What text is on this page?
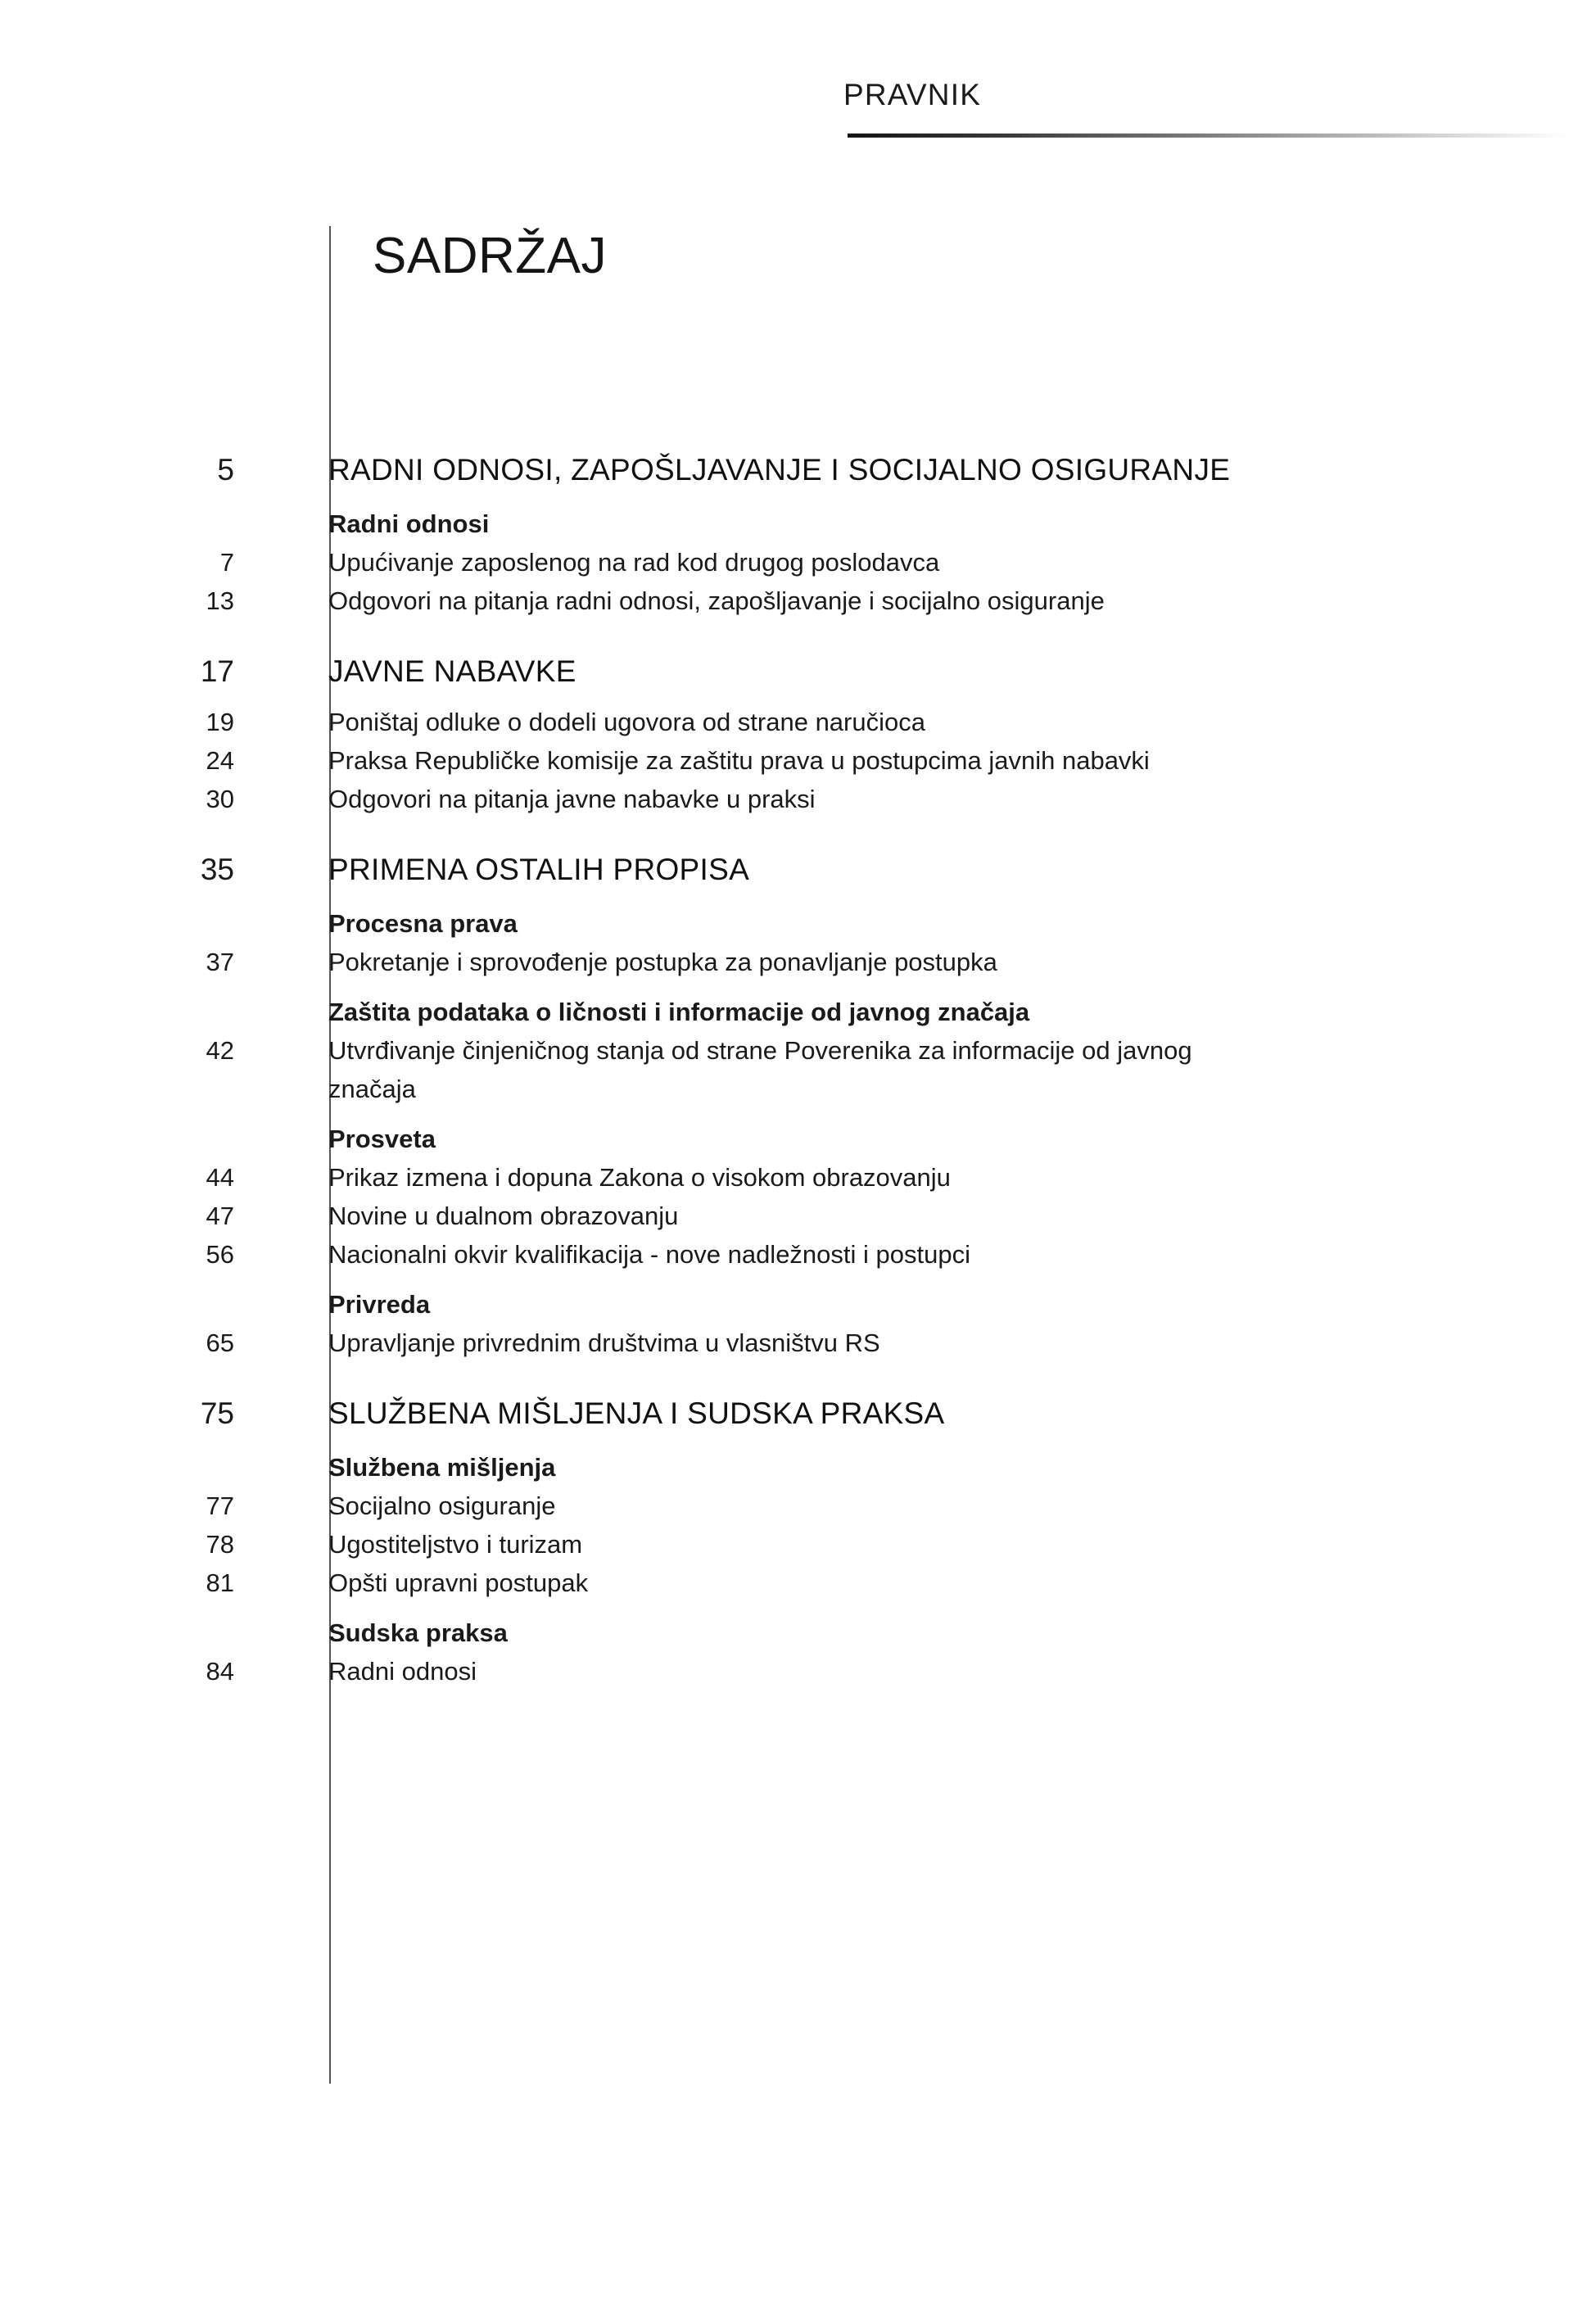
PRAVNIK
SADRŽAJ
5	RADNI ODNOSI, ZAPOŠLJAVANJE I SOCIJALNO OSIGURANJE
Radni odnosi
7	Upućivanje zaposlenog na rad kod drugog poslodavca
13	Odgovori na pitanja radni odnosi, zapošljavanje i socijalno osiguranje
17	JAVNE NABAVKE
19	Poništaj odluke o dodeli ugovora od strane naručioca
24	Praksa Republičke komisije za zaštitu prava u postupcima javnih nabavki
30	Odgovori na pitanja javne nabavke u praksi
35	PRIMENA OSTALIH PROPISA
Procesna prava
37	Pokretanje i sprovođenje postupka za ponavljanje postupka
Zaštita podataka o ličnosti i informacije od javnog značaja
42	Utvrđivanje činjeničnog stanja od strane Poverenika za informacije od javnog značaja
Prosveta
44	Prikaz izmena i dopuna Zakona o visokom obrazovanju
47	Novine u dualnom obrazovanju
56	Nacionalni okvir kvalifikacija - nove nadležnosti i postupci
Privreda
65	Upravljanje privrednim društvima u vlasništvu RS
75	SLUŽBENA MIŠLJENJA I SUDSKA PRAKSA
Službena mišljenja
77	Socijalno osiguranje
78	Ugostiteljstvo i turizam
81	Opšti upravni postupak
Sudska praksa
84	Radni odnosi
